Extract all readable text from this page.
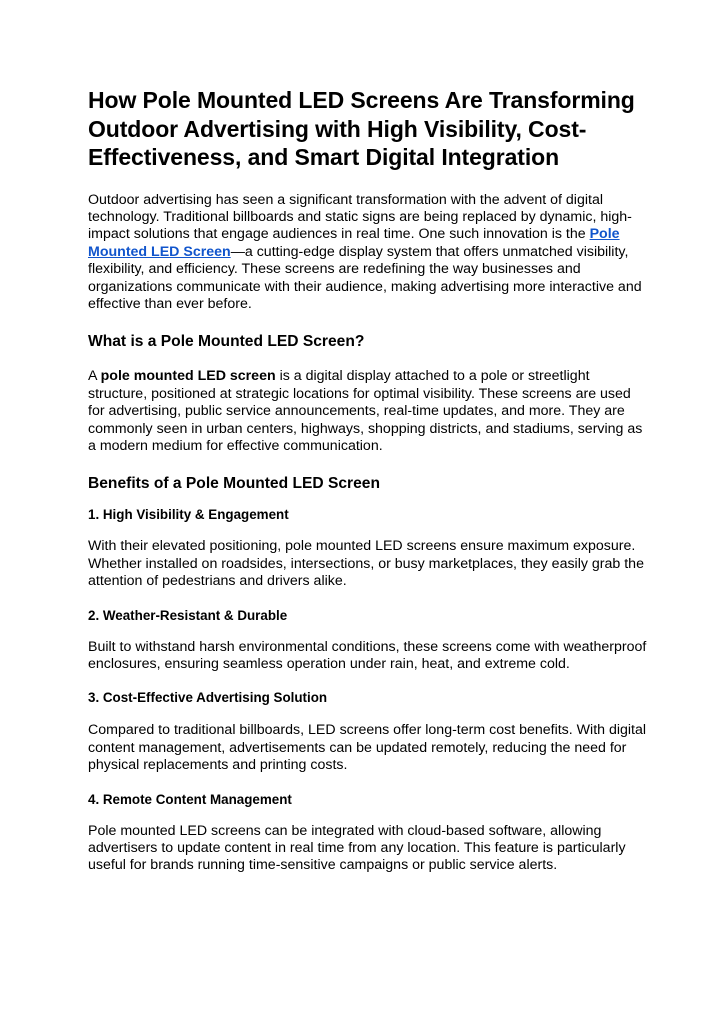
How Pole Mounted LED Screens Are Transforming Outdoor Advertising with High Visibility, Cost-Effectiveness, and Smart Digital Integration

Outdoor advertising has seen a significant transformation with the advent of digital technology. Traditional billboards and static signs are being replaced by dynamic, high-impact solutions that engage audiences in real time. One such innovation is the Pole Mounted LED Screen—a cutting-edge display system that offers unmatched visibility, flexibility, and efficiency. These screens are redefining the way businesses and organizations communicate with their audience, making advertising more interactive and effective than ever before.

What is a Pole Mounted LED Screen?

A pole mounted LED screen is a digital display attached to a pole or streetlight structure, positioned at strategic locations for optimal visibility. These screens are used for advertising, public service announcements, real-time updates, and more. They are commonly seen in urban centers, highways, shopping districts, and stadiums, serving as a modern medium for effective communication.

Benefits of a Pole Mounted LED Screen
1. High Visibility & Engagement

With their elevated positioning, pole mounted LED screens ensure maximum exposure. Whether installed on roadsides, intersections, or busy marketplaces, they easily grab the attention of pedestrians and drivers alike.

2. Weather-Resistant & Durable

Built to withstand harsh environmental conditions, these screens come with weatherproof enclosures, ensuring seamless operation under rain, heat, and extreme cold.

3. Cost-Effective Advertising Solution

Compared to traditional billboards, LED screens offer long-term cost benefits. With digital content management, advertisements can be updated remotely, reducing the need for physical replacements and printing costs.

4. Remote Content Management

Pole mounted LED screens can be integrated with cloud-based software, allowing advertisers to update content in real time from any location. This feature is particularly useful for brands running time-sensitive campaigns or public service alerts.
